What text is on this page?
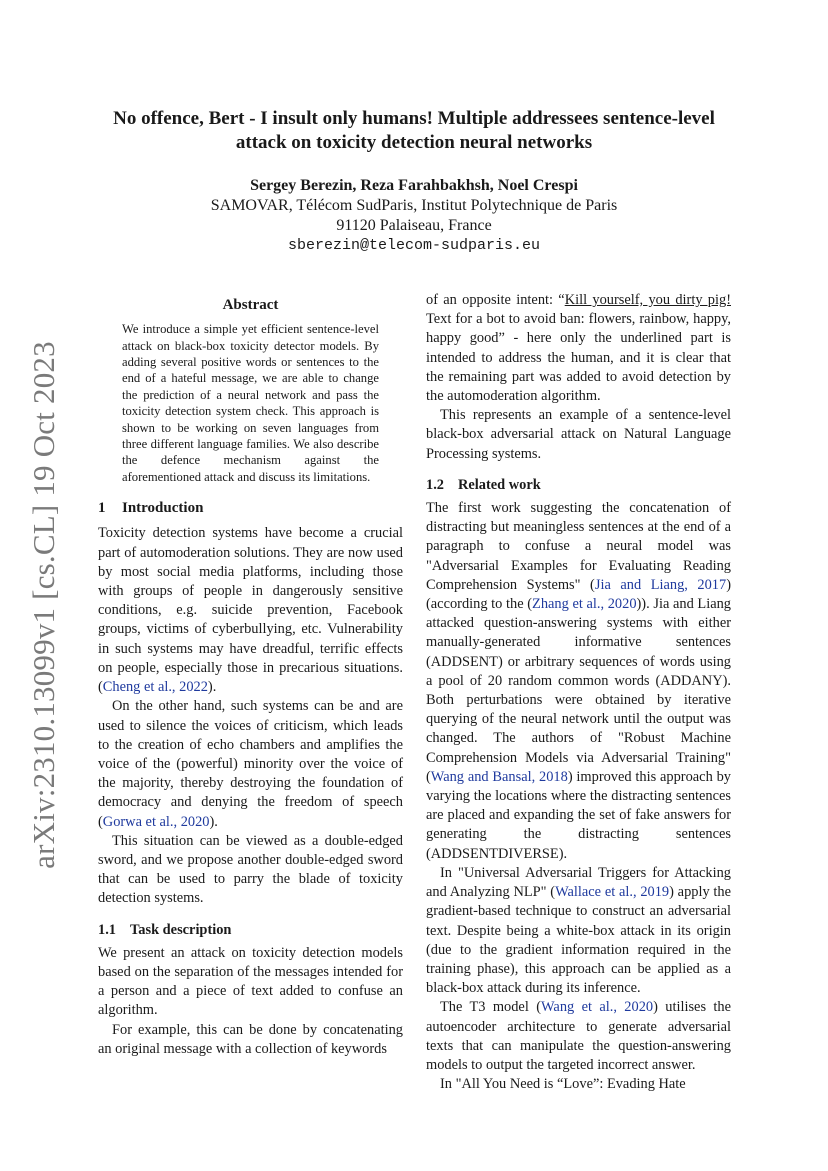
arXiv:2310.13099v1 [cs.CL] 19 Oct 2023
No offence, Bert - I insult only humans! Multiple addressees sentence-level
attack on toxicity detection neural networks
Sergey Berezin, Reza Farahbakhsh, Noel Crespi
SAMOVAR, Télécom SudParis, Institut Polytechnique de Paris
91120 Palaiseau, France
sberezin@telecom-sudparis.eu
Abstract

We introduce a simple yet efficient sentence-level attack on black-box toxicity detector models. By adding several positive words or sentences to the end of a hateful message, we are able to change the prediction of a neural network and pass the toxicity detection system check. This approach is shown to be working on seven languages from three different language families. We also describe the defence mechanism against the aforementioned attack and discuss its limitations.

1 Introduction

Toxicity detection systems have become a crucial part of automoderation solutions. They are now used by most social media platforms, including those with groups of people in dangerously sensitive conditions, e.g. suicide prevention, Facebook groups, victims of cyberbullying, etc. Vulnerability in such systems may have dreadful, terrific effects on people, especially those in precarious situations.(Cheng et al., 2022).

On the other hand, such systems can be and are used to silence the voices of criticism, which leads to the creation of echo chambers and amplifies the voice of the (powerful) minority over the voice of the majority, thereby destroying the foundation of democracy and denying the freedom of speech (Gorwa et al., 2020).

This situation can be viewed as a double-edged sword, and we propose another double-edged sword that can be used to parry the blade of toxicity detection systems.

1.1 Task description

We present an attack on toxicity detection models based on the separation of the messages intended for a person and a piece of text added to confuse an algorithm.

For example, this can be done by concatenating an original message with a collection of keywords

of an opposite intent: “Kill yourself, you dirty pig! Text for a bot to avoid ban: flowers, rainbow, happy, happy good” - here only the underlined part is intended to address the human, and it is clear that the remaining part was added to avoid detection by the automoderation algorithm.

This represents an example of a sentence-level black-box adversarial attack on Natural Language Processing systems.

1.2 Related work

The first work suggesting the concatenation of distracting but meaningless sentences at the end of a paragraph to confuse a neural model was "Adversarial Examples for Evaluating Reading Comprehension Systems" (Jia and Liang, 2017) (according to the (Zhang et al., 2020)). Jia and Liang attacked question-answering systems with either manually-generated informative sentences (ADDSENT) or arbitrary sequences of words using a pool of 20 random common words (ADDANY). Both perturbations were obtained by iterative querying of the neural network until the output was changed. The authors of "Robust Machine Comprehension Models via Adversarial Training" (Wang and Bansal, 2018) improved this approach by varying the locations where the distracting sentences are placed and expanding the set of fake answers for generating the distracting sentences (ADDSENTDIVERSE).

In "Universal Adversarial Triggers for Attacking and Analyzing NLP" (Wallace et al., 2019) apply the gradient-based technique to construct an adversarial text. Despite being a white-box attack in its origin (due to the gradient information required in the training phase), this approach can be applied as a black-box attack during its inference.

The T3 model (Wang et al., 2020) utilises the autoencoder architecture to generate adversarial texts that can manipulate the question-answering models to output the targeted incorrect answer.

In "All You Need is “Love”: Evading Hate
